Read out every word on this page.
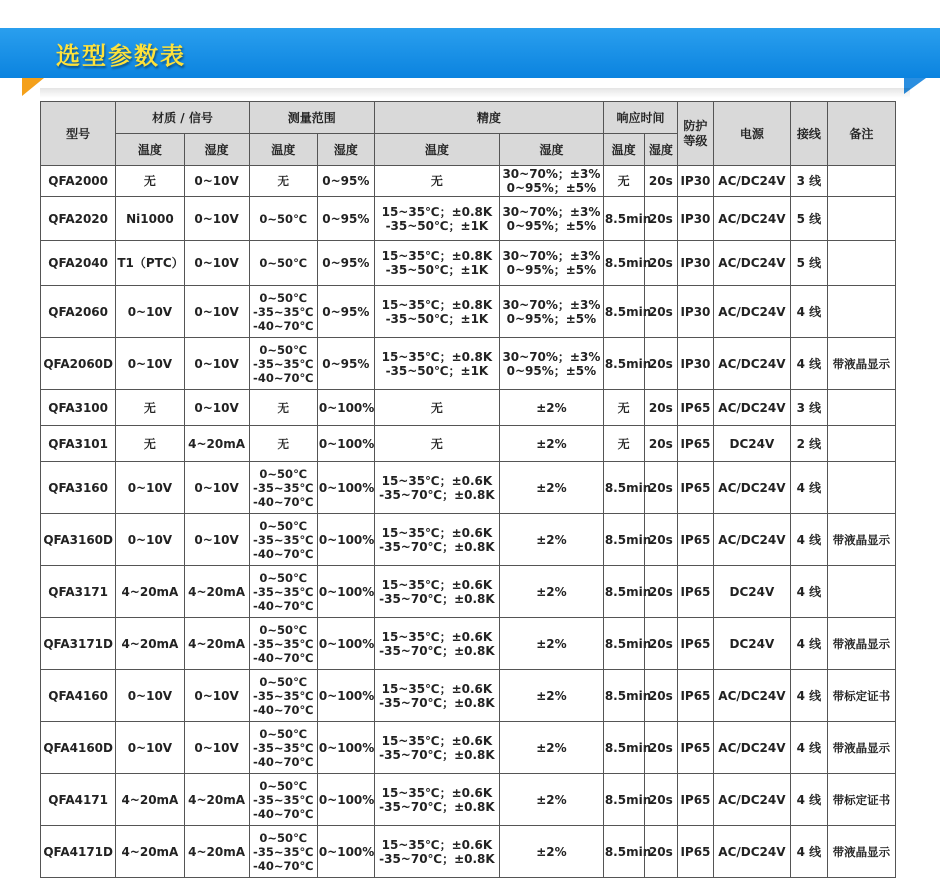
选型参数表
型号	材质 / 信号		测量范围		精度		响应时间		防护等级	电源	接线	备注
	温度	湿度	温度	湿度	温度	湿度	温度	湿度				
QFA2000	无	0~10V	无	0~95%	无	30~70%；±3%
0~95%；±5%	无	20s	IP30	AC/DC24V	3 线	
QFA2020	Ni1000	0~10V	0~50℃	0~95%	15~35℃；±0.8K
-35~50℃；±1K	30~70%；±3%
0~95%；±5%	8.5min	20s	IP30	AC/DC24V	5 线	
QFA2040	T1（PTC）	0~10V	0~50℃	0~95%	15~35℃；±0.8K
-35~50℃；±1K	30~70%；±3%
0~95%；±5%	8.5min	20s	IP30	AC/DC24V	5 线	
QFA2060	0~10V	0~10V	0~50℃
-35~35℃
-40~70℃	0~95%	15~35℃；±0.8K
-35~50℃；±1K	30~70%；±3%
0~95%；±5%	8.5min	20s	IP30	AC/DC24V	4 线	
QFA2060D	0~10V	0~10V	0~50℃
-35~35℃
-40~70℃	0~95%	15~35℃；±0.8K
-35~50℃；±1K	30~70%；±3%
0~95%；±5%	8.5min	20s	IP30	AC/DC24V	4 线	带液晶显示
QFA3100	无	0~10V	无	0~100%	无	±2%	无	20s	IP65	AC/DC24V	3 线	
QFA3101	无	4~20mA	无	0~100%	无	±2%	无	20s	IP65	DC24V	2 线	
QFA3160	0~10V	0~10V	0~50℃
-35~35℃
-40~70℃	0~100%	15~35℃；±0.6K
-35~70℃；±0.8K	±2%	8.5min	20s	IP65	AC/DC24V	4 线	
QFA3160D	0~10V	0~10V	0~50℃
-35~35℃
-40~70℃	0~100%	15~35℃；±0.6K
-35~70℃；±0.8K	±2%	8.5min	20s	IP65	AC/DC24V	4 线	带液晶显示
QFA3171	4~20mA	4~20mA	0~50℃
-35~35℃
-40~70℃	0~100%	15~35℃；±0.6K
-35~70℃；±0.8K	±2%	8.5min	20s	IP65	DC24V	4 线	
QFA3171D	4~20mA	4~20mA	0~50℃
-35~35℃
-40~70℃	0~100%	15~35℃；±0.6K
-35~70℃；±0.8K	±2%	8.5min	20s	IP65	DC24V	4 线	带液晶显示
QFA4160	0~10V	0~10V	0~50℃
-35~35℃
-40~70℃	0~100%	15~35℃；±0.6K
-35~70℃；±0.8K	±2%	8.5min	20s	IP65	AC/DC24V	4 线	带标定证书
QFA4160D	0~10V	0~10V	0~50℃
-35~35℃
-40~70℃	0~100%	15~35℃；±0.6K
-35~70℃；±0.8K	±2%	8.5min	20s	IP65	AC/DC24V	4 线	带液晶显示
QFA4171	4~20mA	4~20mA	0~50℃
-35~35℃
-40~70℃	0~100%	15~35℃；±0.6K
-35~70℃；±0.8K	±2%	8.5min	20s	IP65	AC/DC24V	4 线	带标定证书
QFA4171D	4~20mA	4~20mA	0~50℃
-35~35℃
-40~70℃	0~100%	15~35℃；±0.6K
-35~70℃；±0.8K	±2%	8.5min	20s	IP65	AC/DC24V	4 线	带液晶显示
